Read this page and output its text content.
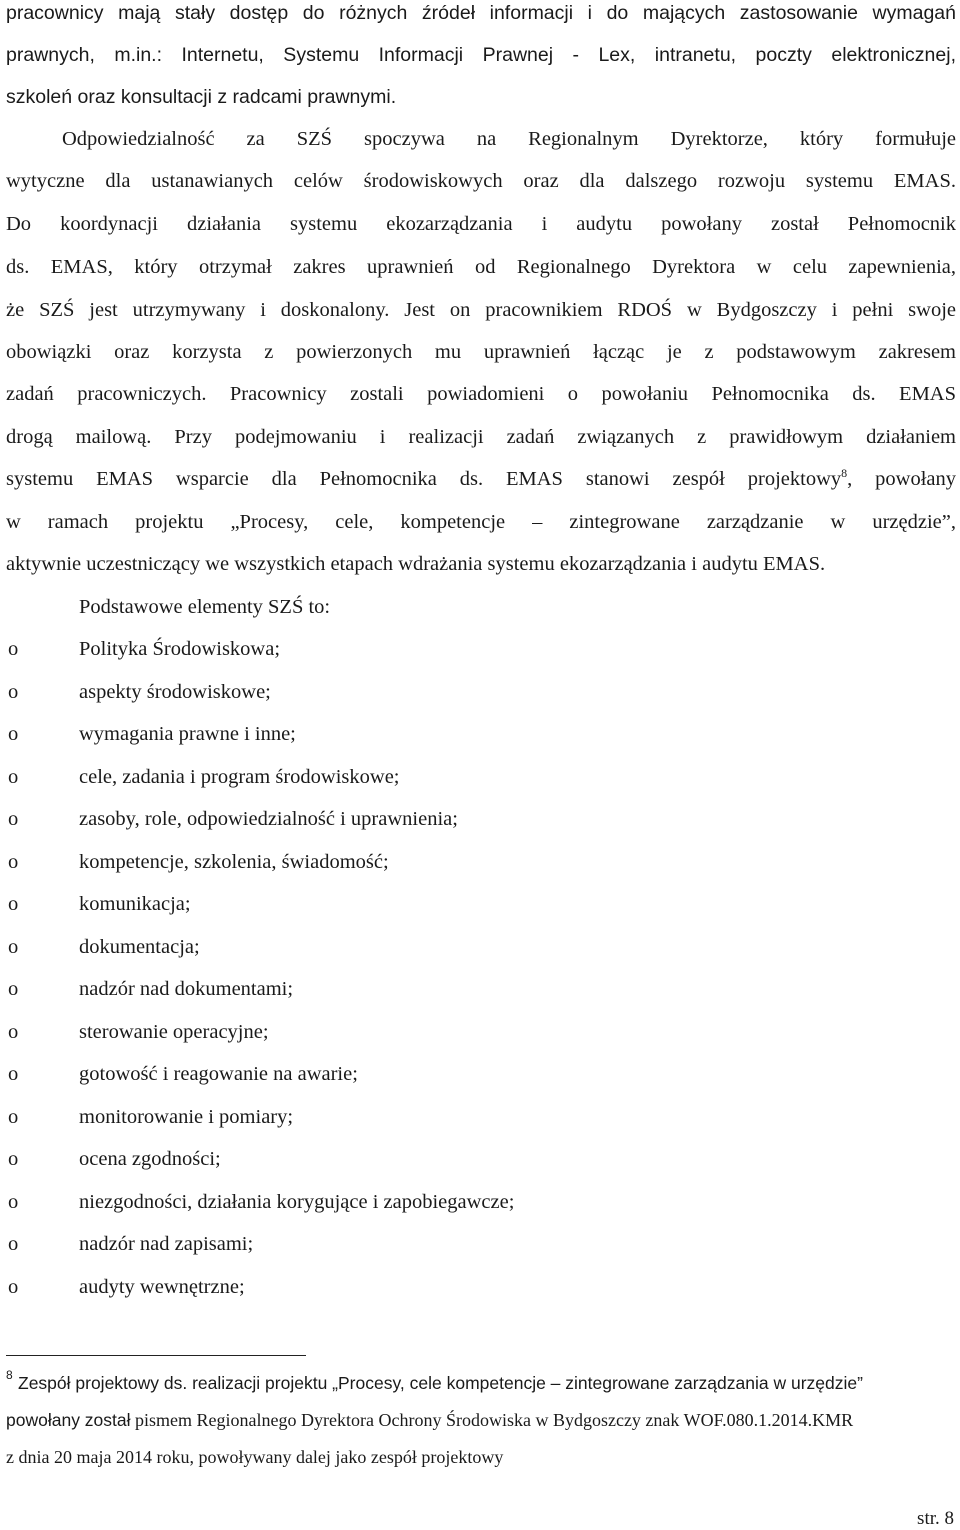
pracownicy mają stały dostęp do różnych źródeł informacji i do mających zastosowanie wymagań
prawnych, m.in.: Internetu, Systemu Informacji Prawnej - Lex, intranetu, poczty elektronicznej,
szkoleń oraz konsultacji z radcami prawnymi.
Odpowiedzialność za SZŚ spoczywa na Regionalnym Dyrektorze, który formułuje
wytyczne dla ustanawianych celów środowiskowych oraz dla dalszego rozwoju systemu EMAS.
Do koordynacji działania systemu ekozarządzania i audytu powołany został Pełnomocnik
ds. EMAS, który otrzymał zakres uprawnień od Regionalnego Dyrektora w celu zapewnienia,
że SZŚ jest utrzymywany i doskonalony. Jest on pracownikiem RDOŚ w Bydgoszczy i pełni swoje
obowiązki oraz korzysta z powierzonych mu uprawnień łącząc je z podstawowym zakresem
zadań pracowniczych. Pracownicy zostali powiadomieni o powołaniu Pełnomocnika ds. EMAS
drogą mailową. Przy podejmowaniu i realizacji zadań związanych z prawidłowym działaniem
systemu EMAS wsparcie dla Pełnomocnika ds. EMAS stanowi zespół projektowy$^8$, powołany
w ramach projektu „Procesy, cele, kompetencje – zintegrowane zarządzanie w urzędzie”,
aktywnie uczestniczący we wszystkich etapach wdrażania systemu ekozarządzania i audytu EMAS.
Podstawowe elementy SZŚ to:
o	Polityka Środowiskowa;
o	aspekty środowiskowe;
o	wymagania prawne i inne;
o	cele, zadania i program środowiskowe;
o	zasoby, role, odpowiedzialność i uprawnienia;
o	kompetencje, szkolenia, świadomość;
o	komunikacja;
o	dokumentacja;
o	nadzór nad dokumentami;
o	sterowanie operacyjne;
o	gotowość i reagowanie na awarie;
o	monitorowanie i pomiary;
o	ocena zgodności;
o	niezgodności, działania korygujące i zapobiegawcze;
o	nadzór nad zapisami;
o	audyty wewnętrzne;
8 Zespół projektowy ds. realizacji projektu „Procesy, cele kompetencje – zintegrowane zarządzania w urzędzie”
powołany został pismem Regionalnego Dyrektora Ochrony Środowiska w Bydgoszczy znak WOF.080.1.2014.KMR
z dnia 20 maja 2014 roku, powoływany dalej jako zespół projektowy
str. 8
